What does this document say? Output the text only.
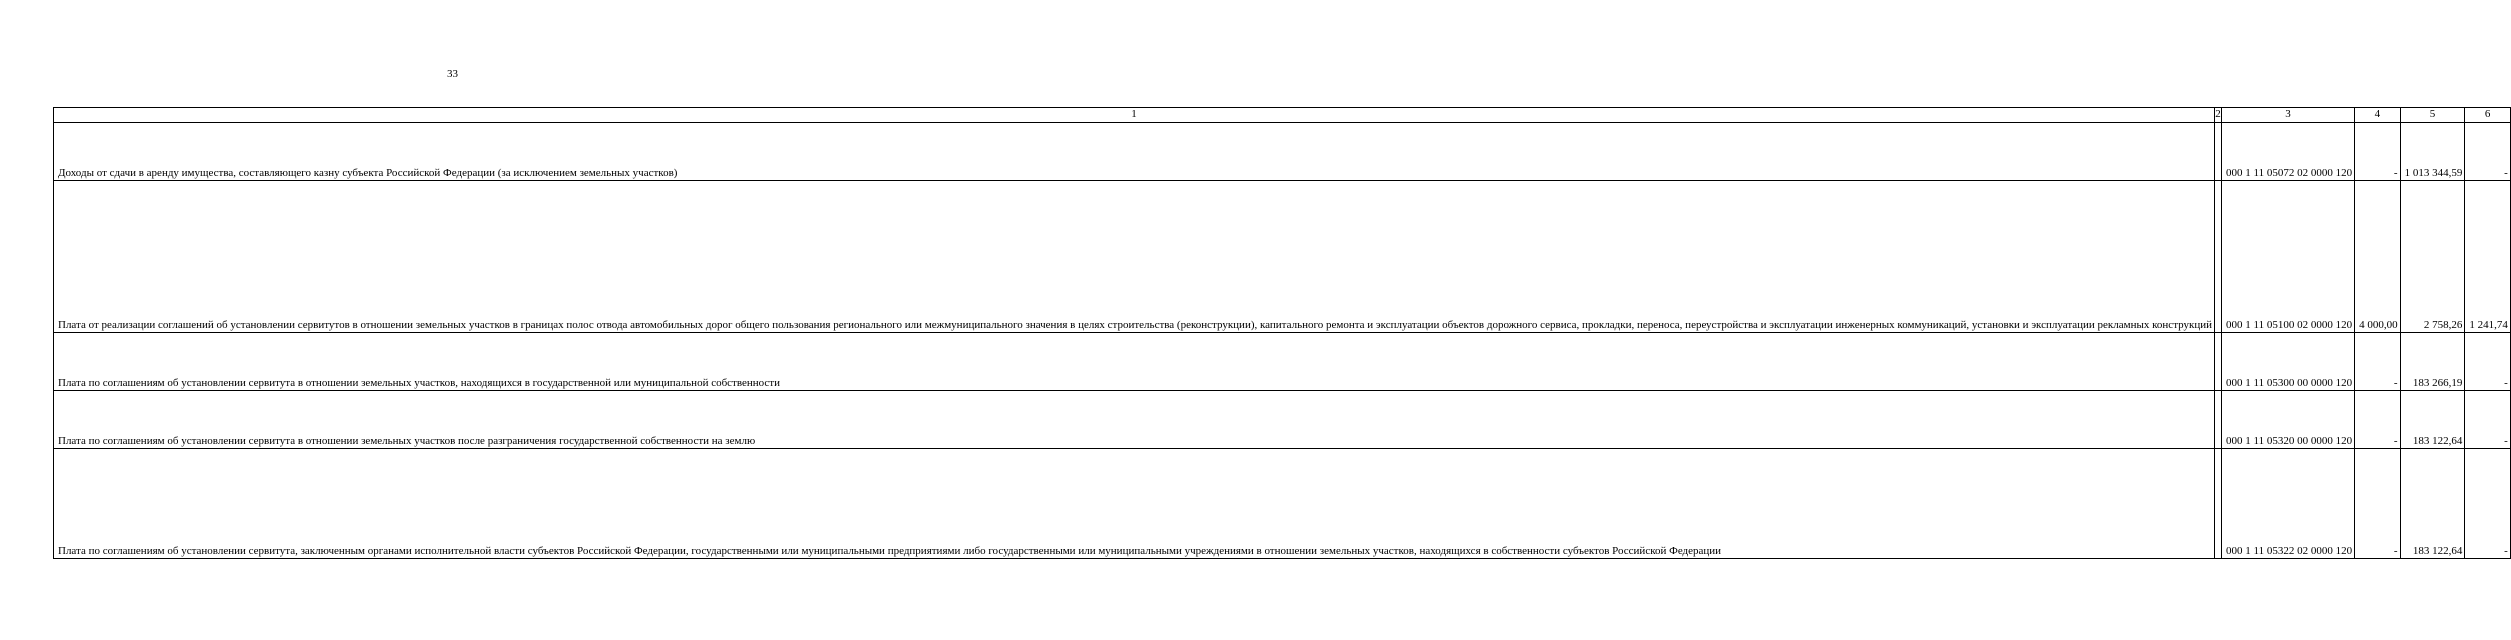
33
1	2	3	4	5	6
Доходы от сдачи в аренду имущества, составляющего казну субъекта Российской Федерации (за исключением земельных участков)		000 1 11 05072 02 0000 120	-	1 013 344,59	-
Плата от реализации соглашений об установлении сервитутов в отношении земельных участков в границах полос отвода автомобильных дорог общего пользования регионального или межмуниципального значения в целях строительства (реконструкции), капитального ремонта и эксплуатации объектов дорожного сервиса, прокладки, переноса, переустройства и эксплуатации инженерных коммуникаций, установки и эксплуатации рекламных конструкций		000 1 11 05100 02 0000 120	4 000,00	2 758,26	1 241,74
Плата по соглашениям об установлении сервитута в отношении земельных участков, находящихся в государственной или муниципальной собственности		000 1 11 05300 00 0000 120	-	183 266,19	-
Плата по соглашениям об установлении сервитута в отношении земельных участков после разграничения государственной собственности на землю		000 1 11 05320 00 0000 120	-	183 122,64	-
Плата по соглашениям об установлении сервитута, заключенным органами исполнительной власти субъектов Российской Федерации, государственными или муниципальными предприятиями либо государственными или муниципальными учреждениями в отношении земельных участков, находящихся в собственности субъектов Российской Федерации		000 1 11 05322 02 0000 120	-	183 122,64	-
